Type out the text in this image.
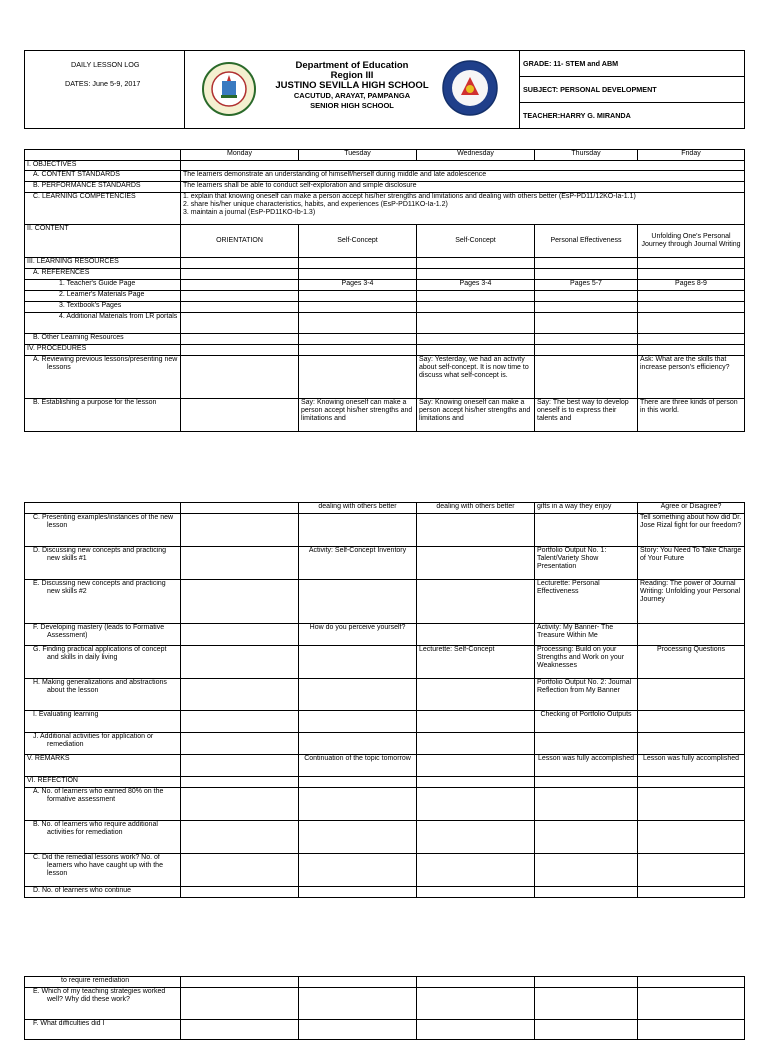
DAILY LESSON LOG
DATES: June 5-9, 2017

Department of Education
Region III
JUSTINO SEVILLA HIGH SCHOOL
CACUTUD, ARAYAT, PAMPANGA
SENIOR HIGH SCHOOL

GRADE: 11- STEM and ABM
SUBJECT: PERSONAL DEVELOPMENT
TEACHER:HARRY G. MIRANDA
	Monday	Tuesday	Wednesday	Thursday	Friday
I. OBJECTIVES					
A. CONTENT STANDARDS	The learners demonstrate an understanding of himself/herself during middle and late adolescence				
B. PERFORMANCE STANDARDS	The learners shall be able to conduct self-exploration and simple disclosure				
C. LEARNING COMPETENCIES	1. explain that knowing oneself can make a person accept his/her strengths and limitations and dealing with others better (EsP-PD11/12KO-Ia-1.1)
2. share his/her unique characteristics, habits, and experiences (EsP-PD11KO-Ia-1.2)
3. maintain a journal (EsP-PD11KO-Ib-1.3)				

II. CONTENT	ORIENTATION	Self-Concept	Self-Concept	Personal Effectiveness	Unfolding One's Personal Journey through Journal Writing
III. LEARNING RESOURCES					
A. REFERENCES					
1. Teacher's Guide Page		Pages 3-4	Pages 3-4	Pages 5-7	Pages 8-9
2. Learner's Materials Page					
3. Textbook's Pages					
4. Additional Materials from LR portals					
B. Other Learning Resources					
IV. PROCEDURES					
A. Reviewing previous lessons/presenting new lessons			Say: Yesterday, we had an activity about self-concept. It is now time to discuss what self-concept is.		Ask: What are the skills that increase person's efficiency?
B. Establishing a purpose for the lesson		Say: Knowing oneself can make a person accept his/her strengths and limitations and	Say: Knowing oneself can make a person accept his/her strengths and limitations and	Say: The best way to develop oneself is to express their talents and	There are three kinds of person in this world.
		dealing with others better	dealing with others better	gifts in a way they enjoy	Agree or Disagree?
C. Presenting examples/instances of the new lesson					Tell something about how did Dr. Jose Rizal fight for our freedom?
D. Discussing new concepts and practicing new skills #1		Activity: Self-Concept Inventory		Portfolio Output No. 1: Talent/Variety Show Presentation	Story: You Need To Take Charge of Your Future
E. Discussing new concepts and practicing new skills #2				Lecturette: Personal Effectiveness	Reading: The power of Journal Writing: Unfolding your Personal Journey
F. Developing mastery (leads to Formative Assessment)		How do you perceive yourself?		Activity: My Banner- The Treasure Within Me	
G. Finding practical applications of concept and skills in daily living			Lecturette: Self-Concept	Processing: Build on your Strengths and Work on your Weaknesses	Processing Questions
H. Making generalizations and abstractions about the lesson				Portfolio Output No. 2: Journal Reflection from My Banner	
I. Evaluating learning				Checking of Portfolio Outputs	
J. Additional activities for application or remediation					
V. REMARKS		Continuation of the topic tomorrow		Lesson was fully accomplished	Lesson was fully accomplished
VI. REFECTION					
A. No. of learners who earned 80% on the formative assessment					
B. No. of learners who require additional activities for remediation					
C. Did the remedial lessons work? No. of learners who have caught up with the lesson					
D. No. of learners who continue					
to require remediation					
E. Which of my teaching strategies worked well? Why did these work?					
F. What difficulties did I					
